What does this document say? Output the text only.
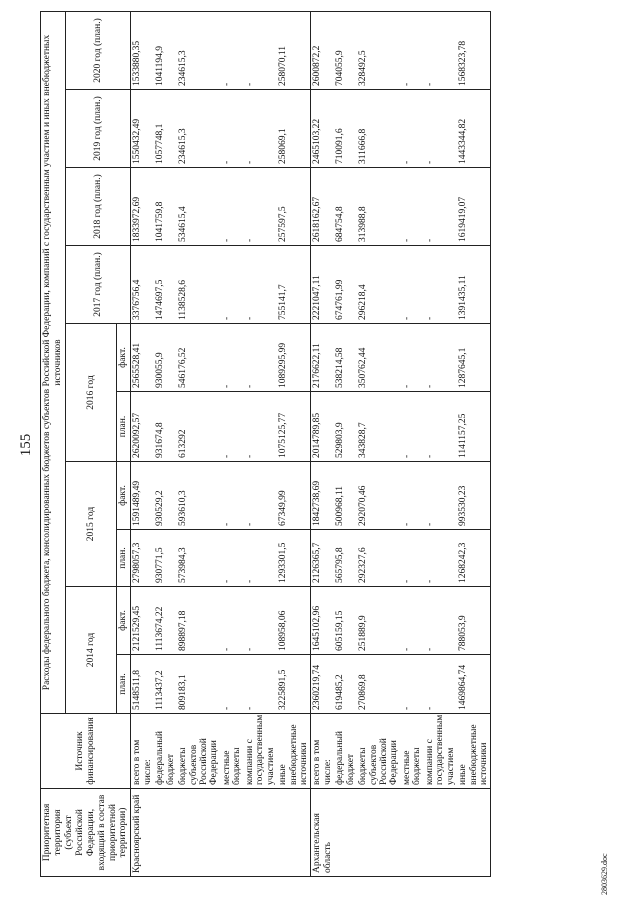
155
Приоритетная территория (субъект Российской Федерации, входящий в состав приоритетной территории)	Источник финансирования	Расходы федерального бюджета, консолидированных бюджетов субъектов Российской Федерации, компаний с государственным участием и иных внебюджетных источников									
		2014 год		2015 год		2016 год		2017 год (план.)	2018 год (план.)	2019 год (план.)	2020 год (план.)
		план.	факт.	план.	факт.	план.	факт.				
Красноярский край	всего в том числе:	5148511,8	2121529,45	2798057,3	1591489,49	2620092,57	2565528,41	3376756,4	1833972,69	1550432,49	1533880,35
	федеральный бюджет	1113437,2	1113674,22	930771,5	930529,2	931674,8	930055,9	1474697,5	1041759,8	1057748,1	1041194,9
	бюджеты субъектов Российской Федерации	809183,1	898897,18	573984,3	593610,3	613292	546176,52	1138528,6	534615,4	234615,3	234615,3
	местные бюджеты	-	-	-	-	-	-	-	-	-	-
	компании с государственным участием	-	-	-	-	-	-	-	-	-	-
	иные внебюджетные источники	3225891,5	108958,06	1293301,5	67349,99	1075125,77	1089295,99	755141,7	257597,5	258069,1	258070,11
Архангельская область	всего в том числе:	2360219,74	1645102,96	2126365,7	1842738,69	2014789,85	2176622,11	2221047,11	2618162,67	2465103,22	2600872,2
	федеральный бюджет	619485,2	605159,15	565795,8	500968,11	529803,9	538214,58	674761,99	684754,8	710091,6	704055,9
	бюджеты субъектов Российской Федерации	270869,8	251889,9	292327,6	292070,46	343828,7	350762,44	296218,4	313988,8	311666,8	328492,5
	местные бюджеты	-	-	-	-	-	-	-	-	-	-
	компании с государственным участием	-	-	-	-	-	-	-	-	-	-
	иные внебюджетные источники	1469864,74	788053,9	1268242,3	993530,23	1141157,25	1287645,1	1391435,11	1619419,07	1443344,82	1568323,78
2803629.doc
